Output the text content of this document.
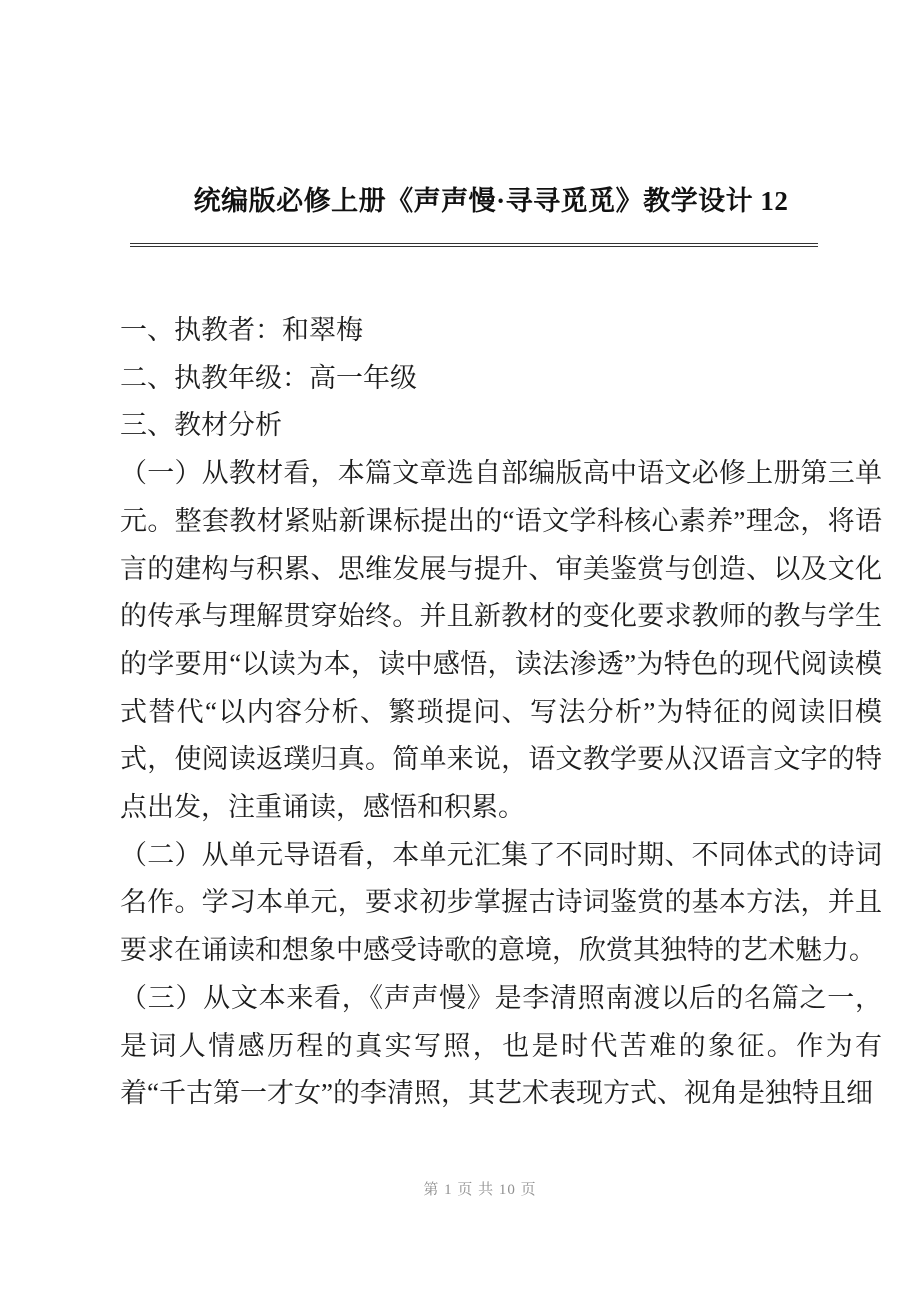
统编版必修上册《声声慢·寻寻觅觅》教学设计 12

一、执教者：和翠梅

二、执教年级：高一年级

三、教材分析

（一）从教材看，本篇文章选自部编版高中语文必修上册第三单元。整套教材紧贴新课标提出的“语文学科核心素养”理念，将语言的建构与积累、思维发展与提升、审美鉴赏与创造、以及文化的传承与理解贯穿始终。并且新教材的变化要求教师的教与学生的学要用“以读为本，读中感悟，读法渗透”为特色的现代阅读模式替代“以内容分析、繁琐提问、写法分析”为特征的阅读旧模式，使阅读返璞归真。简单来说，语文教学要从汉语言文字的特点出发，注重诵读，感悟和积累。

（二）从单元导语看，本单元汇集了不同时期、不同体式的诗词名作。学习本单元，要求初步掌握古诗词鉴赏的基本方法，并且要求在诵读和想象中感受诗歌的意境，欣赏其独特的艺术魅力。

（三）从文本来看，《声声慢》是李清照南渡以后的名篇之一，是词人情感历程的真实写照，也是时代苦难的象征。作为有着“千古第一才女”的李清照，其艺术表现方式、视角是独特且细

第 1 页 共 10 页
